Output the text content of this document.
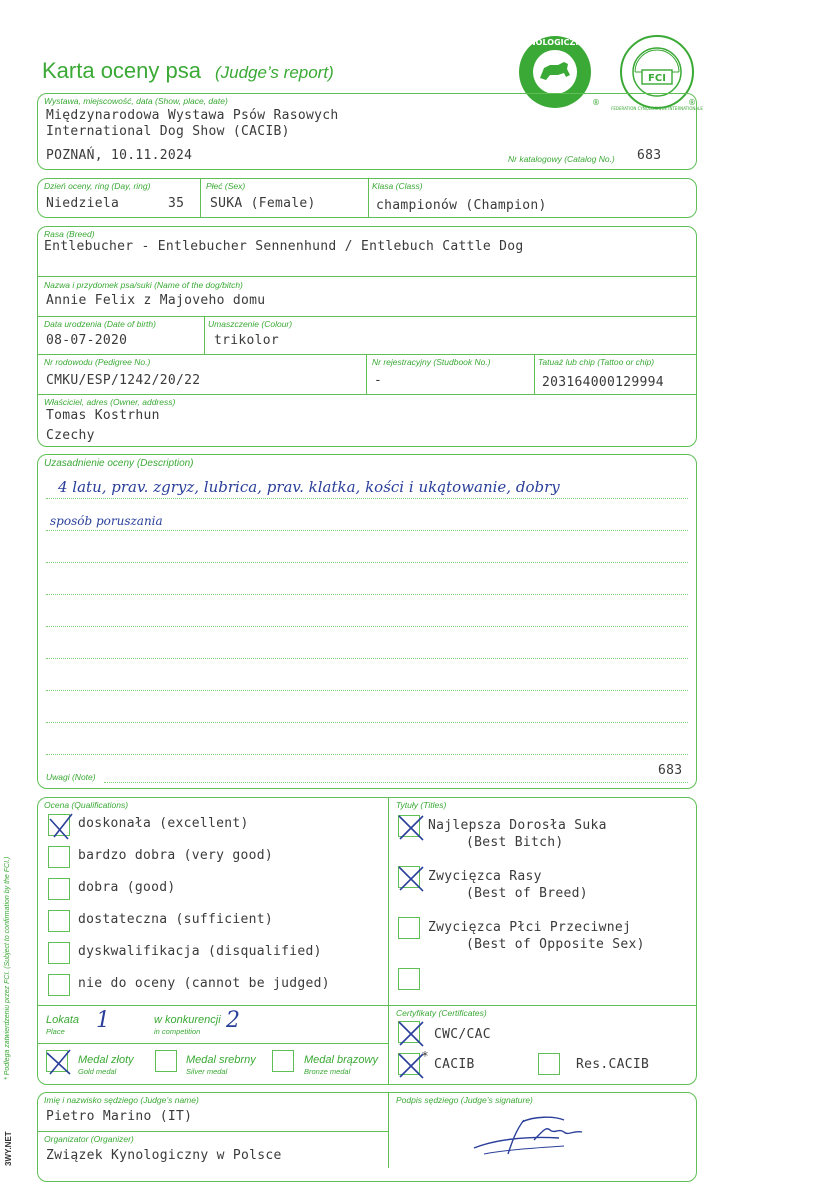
Karta oceny psa (Judge’s report)
ZWIĄZEK KYNOLOGICZNY W POLSCE
FCI
FEDERATION CYNOLOGIQUE INTERNATIONALE
®	®
Wystawa, miejscowość, data (Show, place, date)
Międzynarodowa Wystawa Psów Rasowych
International Dog Show (CACIB)
POZNAŃ, 10.11.2024	Nr katalogowy (Catalog No.) 683
Dzień oceny, ring (Day, ring)
Niedziela	35
Płeć (Sex)
SUKA (Female)
Klasa (Class)
championów (Champion)
Rasa (Breed)
Entlebucher - Entlebucher Sennenhund / Entlebuch Cattle Dog
Nazwa i przydomek psa/suki (Name of the dog/bitch)
Annie Felix z Majoveho domu
Data urodzenia (Date of birth)
08-07-2020
Umaszczenie (Colour)
trikolor
Nr rodowodu (Pedigree No.)
CMKU/ESP/1242/20/22
Nr rejestracyjny (Studbook No.)
-
Tatuaż lub chip (Tattoo or chip)
203164000129994
Właściciel, adres (Owner, address)
Tomas Kostrhun
Czechy
Uzasadnienie oceny (Description)
4 latu, prav. zgryz, lubrica, prav. klatka, kości i ukątowanie, dobry
sposób poruszania
Uwagi (Note)	683
Ocena (Qualifications)	Tytuły (Titles)
doskonała (excellent)
bardzo dobra (very good)
dobra (good)
dostateczna (sufficient)
dyskwalifikacja (disqualified)
nie do oceny (cannot be judged)
Najlepsza Dorosła Suka
(Best Bitch)
Zwycięzca Rasy
(Best of Breed)
Zwycięzca Płci Przeciwnej
(Best of Opposite Sex)
Lokata
Place 1	w konkurencji
in competition 2
Medal złoty
Gold medal
Medal srebrny
Silver medal
Medal brązowy
Bronze medal
Certyfikaty (Certificates)
CWC/CAC
*
CACIB	Res.CACIB
Imię i nazwisko sędziego (Judge’s name)
Pietro Marino (IT)
Podpis sędziego (Judge’s signature)
Organizator (Organizer)
Związek Kynologiczny w Polsce
* Podlega zatwierdzeniu przez FCI. (Subject to confirmation by the FCI.)
3WY.NET
